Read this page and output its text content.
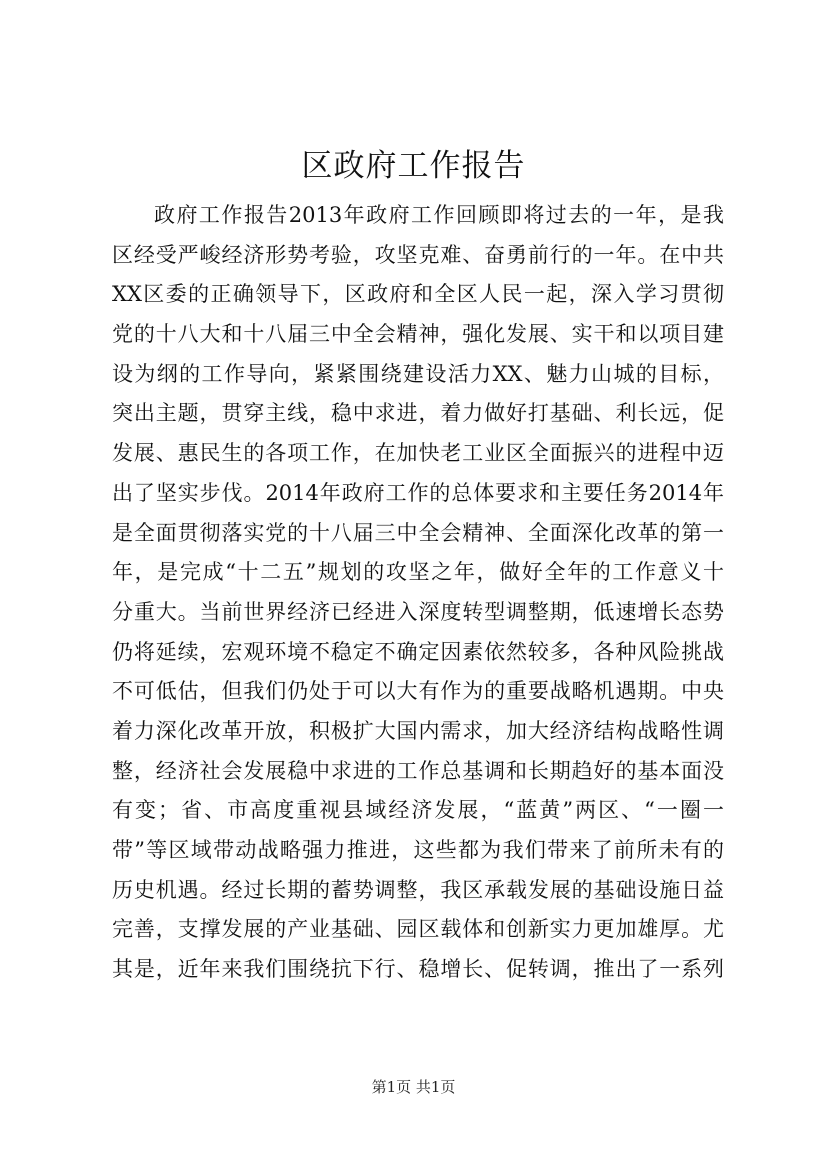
区政府工作报告
政府工作报告2013年政府工作回顾即将过去的一年，是我
区经受严峻经济形势考验，攻坚克难、奋勇前行的一年。在中共
XX区委的正确领导下，区政府和全区人民一起，深入学习贯彻
党的十八大和十八届三中全会精神，强化发展、实干和以项目建
设为纲的工作导向，紧紧围绕建设活力XX、魅力山城的目标，
突出主题，贯穿主线，稳中求进，着力做好打基础、利长远，促
发展、惠民生的各项工作，在加快老工业区全面振兴的进程中迈
出了坚实步伐。2014年政府工作的总体要求和主要任务2014年
是全面贯彻落实党的十八届三中全会精神、全面深化改革的第一
年，是完成“十二五”规划的攻坚之年，做好全年的工作意义十
分重大。当前世界经济已经进入深度转型调整期，低速增长态势
仍将延续，宏观环境不稳定不确定因素依然较多，各种风险挑战
不可低估，但我们仍处于可以大有作为的重要战略机遇期。中央
着力深化改革开放，积极扩大国内需求，加大经济结构战略性调
整，经济社会发展稳中求进的工作总基调和长期趋好的基本面没
有变；省、市高度重视县域经济发展，“蓝黄”两区、“一圈一
带”等区域带动战略强力推进，这些都为我们带来了前所未有的
历史机遇。经过长期的蓄势调整，我区承载发展的基础设施日益
完善，支撑发展的产业基础、园区载体和创新实力更加雄厚。尤
其是，近年来我们围绕抗下行、稳增长、促转调，推出了一系列
第1页 共1页
